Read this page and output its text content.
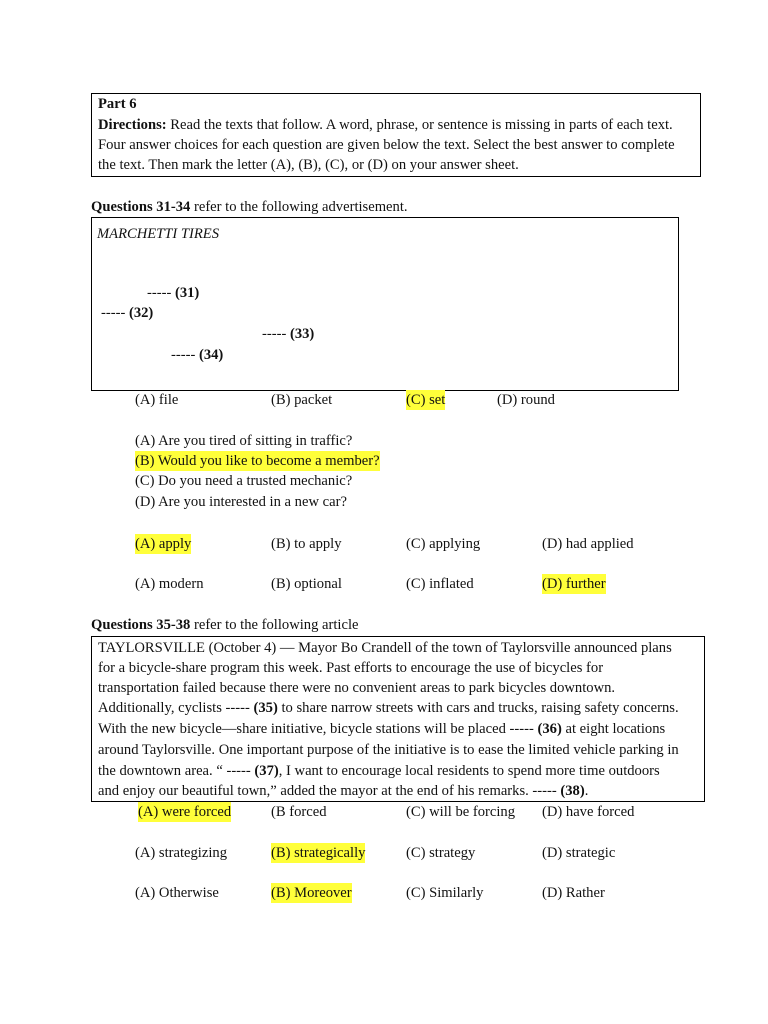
Part 6
Directions: Read the texts that follow. A word, phrase, or sentence is missing in parts of each text.
Four answer choices for each question are given below the text. Select the best answer to complete
the text. Then mark the letter (A), (B), (C), or (D) on your answer sheet.
Questions 31-34 refer to the following advertisement.
MARCHETTI TIRES
----- (31)
----- (32)
----- (33)
----- (34)
(A) file	(B) packet	(C) set	(D) round
(A) Are you tired of sitting in traffic?
(B) Would you like to become a member?
(C) Do you need a trusted mechanic?
(D) Are you interested in a new car?
(A) apply	(B) to apply	(C) applying	(D) had applied
(A) modern	(B) optional	(C) inflated	(D) further
Questions 35-38 refer to the following article
TAYLORSVILLE (October 4) — Mayor Bo Crandell of the town of Taylorsville announced plans
for a bicycle-share program this week. Past efforts to encourage the use of bicycles for
transportation failed because there were no convenient areas to park bicycles downtown.
Additionally, cyclists ----- (35) to share narrow streets with cars and trucks, raising safety concerns.
With the new bicycle—share initiative, bicycle stations will be placed ----- (36) at eight locations
around Taylorsville. One important purpose of the initiative is to ease the limited vehicle parking in
the downtown area. “ ----- (37), I want to encourage local residents to spend more time outdoors
and enjoy our beautiful town,” added the mayor at the end of his remarks. ----- (38).
(A) were forced	(B forced	(C) will be forcing (D) have forced
(A) strategizing	(B) strategically	(C) strategy	(D) strategic
(A) Otherwise	(B) Moreover	(C) Similarly	(D) Rather
